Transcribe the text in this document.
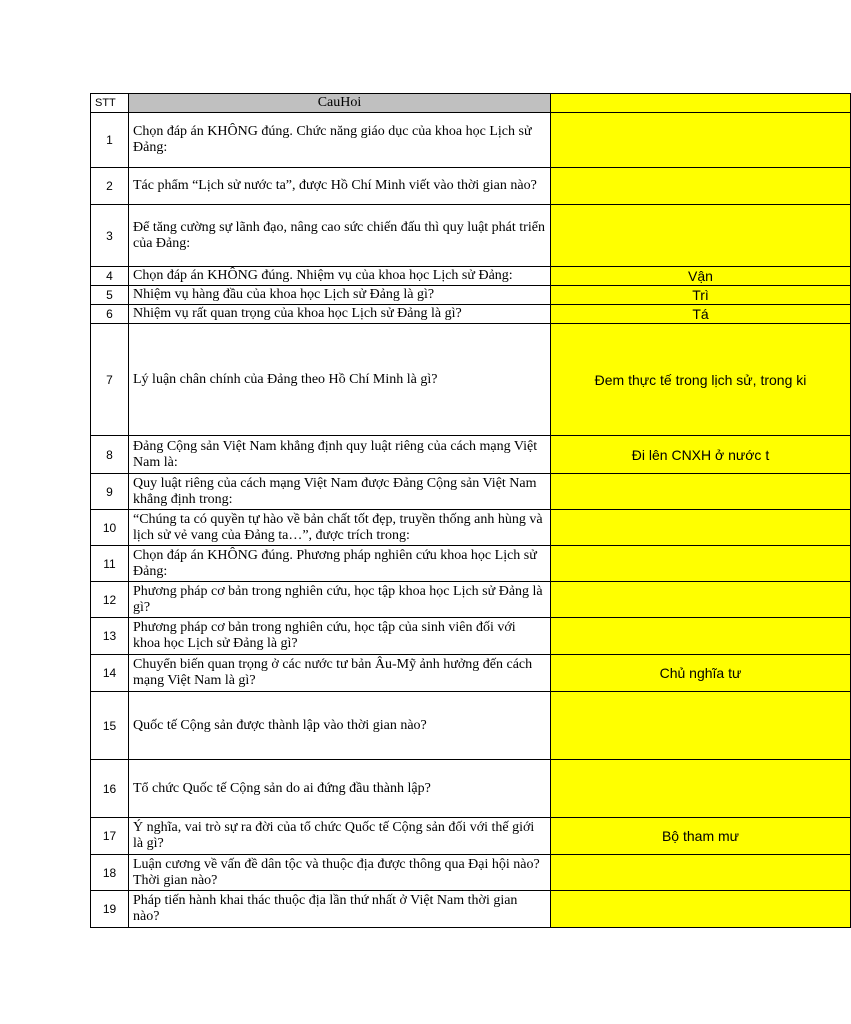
STT	CauHoi	
1	Chọn đáp án KHÔNG đúng. Chức năng giáo dục của khoa học Lịch sử Đảng:	
2	Tác phẩm “Lịch sử nước ta”, được Hồ Chí Minh viết vào thời gian nào?	
3	Để tăng cường sự lãnh đạo, nâng cao sức chiến đấu thì quy luật phát triển của Đảng:	
4	Chọn đáp án KHÔNG đúng. Nhiệm vụ của khoa học Lịch sử Đảng:	Vận
5	Nhiệm vụ hàng đầu của khoa học Lịch sử Đảng là gì?	Trì
6	Nhiệm vụ rất quan trọng của khoa học Lịch sử Đảng là gì?	Tá
7	Lý luận chân chính của Đảng theo Hồ Chí Minh là gì?	Đem thực tế trong lịch sử, trong ki
8	Đảng Cộng sản Việt Nam khẳng định quy luật riêng của cách mạng Việt Nam là:	Đi lên CNXH ở nước t
9	Quy luật riêng của cách mạng Việt Nam được Đảng Cộng sản Việt Nam khẳng định trong:	
10	“Chúng ta có quyền tự hào về bản chất tốt đẹp, truyền thống anh hùng và lịch sử vẻ vang của Đảng ta…”, được trích trong:	
11	Chọn đáp án KHÔNG đúng. Phương pháp nghiên cứu khoa học Lịch sử Đảng:	
12	Phương pháp cơ bản trong nghiên cứu, học tập khoa học Lịch sử Đảng là gì?	
13	Phương pháp cơ bản trong nghiên cứu, học tập của sinh viên đối với khoa học Lịch sử Đảng là gì?	
14	Chuyển biến quan trọng ở các nước tư bản Âu-Mỹ ảnh hưởng đến cách mạng Việt Nam là gì?	Chủ nghĩa tư
15	Quốc tế Cộng sản được thành lập vào thời gian nào?	
16	Tổ chức Quốc tế Cộng sản do ai đứng đầu thành lập?	
17	Ý nghĩa, vai trò sự ra đời của tổ chức Quốc tế Cộng sản đối với thế giới là gì?	Bộ tham mư
18	Luận cương về vấn đề dân tộc và thuộc địa được thông qua Đại hội nào? Thời gian nào?	
19	Pháp tiến hành khai thác thuộc địa lần thứ nhất ở Việt Nam thời gian nào?	
